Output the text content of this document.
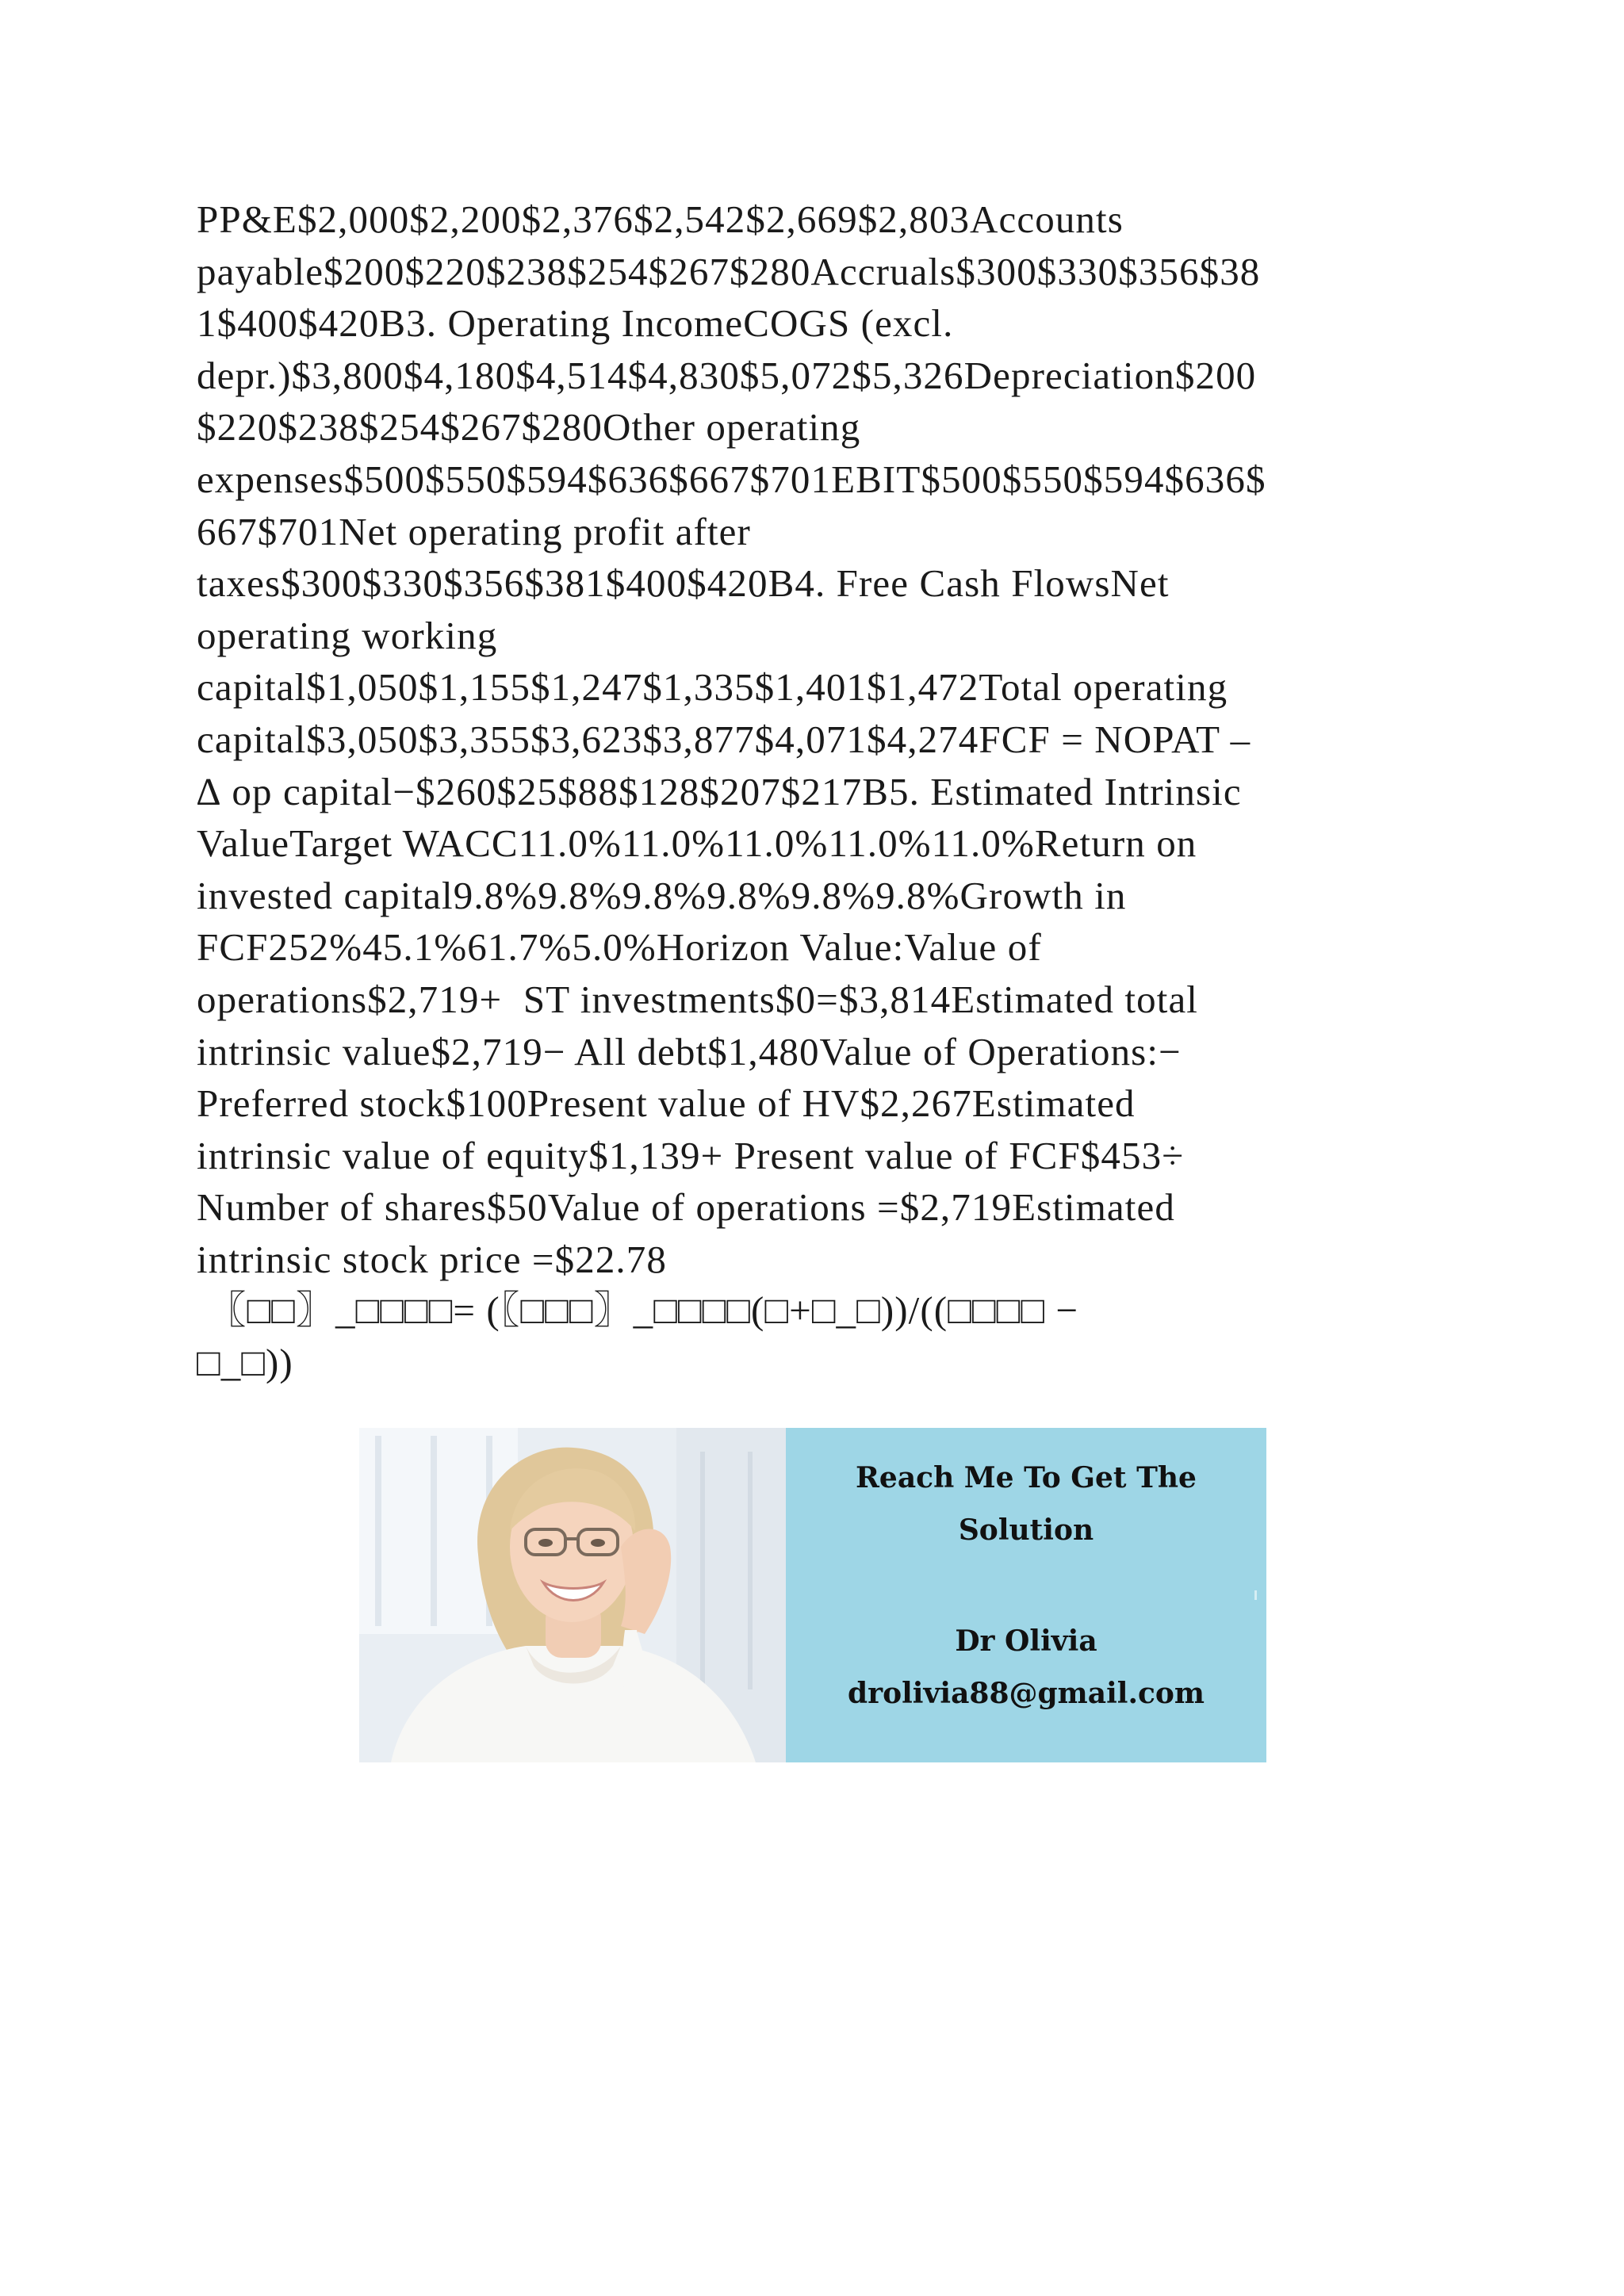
PP&E$2,000$2,200$2,376$2,542$2,669$2,803Accounts
payable$200$220$238$254$267$280Accruals$300$330$356$38
1$400$420B3. Operating IncomeCOGS (excl.
depr.)$3,800$4,180$4,514$4,830$5,072$5,326Depreciation$200
$220$238$254$267$280Other operating
expenses$500$550$594$636$667$701EBIT$500$550$594$636$
667$701Net operating profit after
taxes$300$330$356$381$400$420B4. Free Cash FlowsNet
operating working
capital$1,050$1,155$1,247$1,335$1,401$1,472Total operating
capital$3,050$3,355$3,623$3,877$4,071$4,274FCF = NOPAT –
∆ op capital−$260$25$88$128$207$217B5. Estimated Intrinsic
ValueTarget WACC11.0%11.0%11.0%11.0%11.0%Return on
invested capital9.8%9.8%9.8%9.8%9.8%9.8%Growth in
FCF252%45.1%61.7%5.0%Horizon Value:Value of
operations$2,719+  ST investments$0=$3,814Estimated total
intrinsic value$2,719− All debt$1,480Value of Operations:−
Preferred stock$100Present value of HV$2,267Estimated
intrinsic value of equity$1,139+ Present value of FCF$453÷
Number of shares$50Value of operations =$2,719Estimated
intrinsic stock price =$22.78
〖□□〗_□□□□= (〖□□□〗_□□□□(□+□_□))/((□□□□ −
□_□))
Reach Me To Get The
Solution
Dr Olivia
drolivia88@gmail.com
